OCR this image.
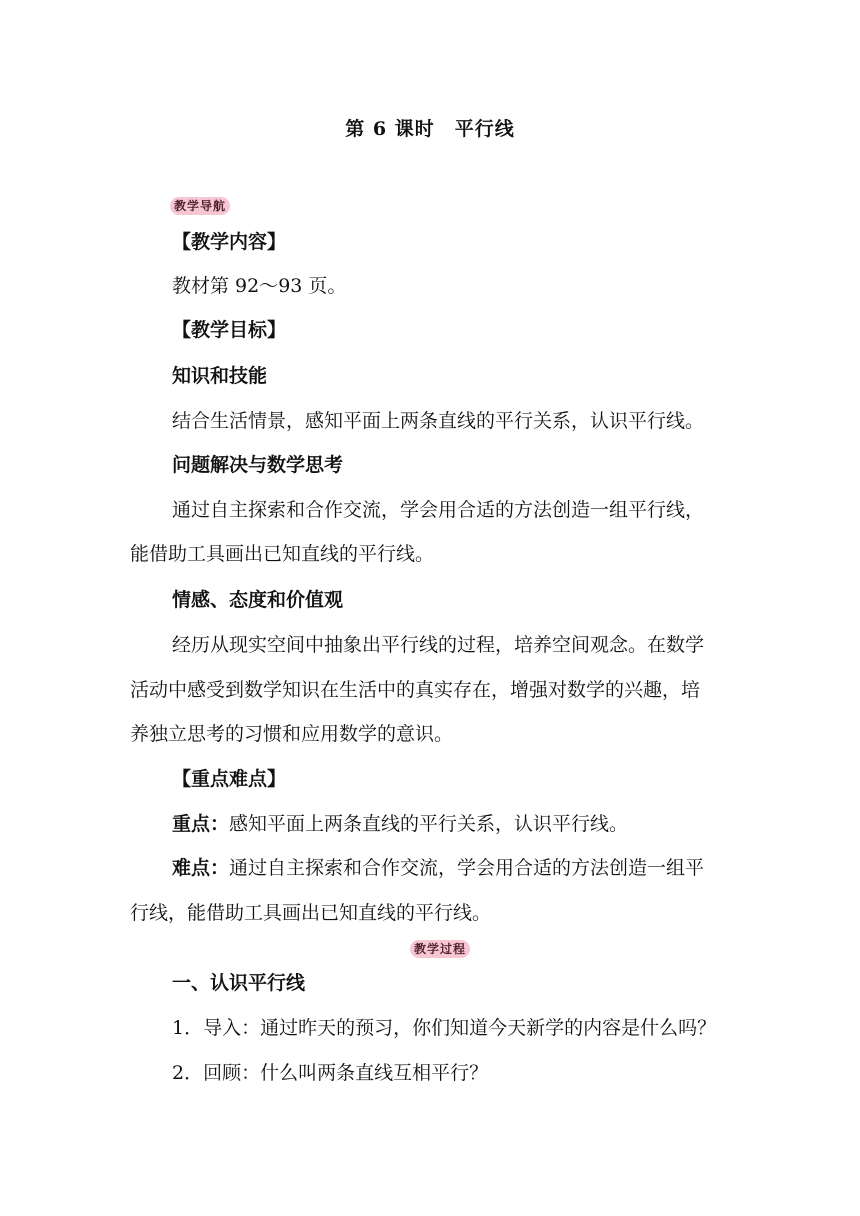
第 6 课时　平行线
教学导航
【教学内容】
教材第 92～93 页。
【教学目标】
知识和技能
结合生活情景，感知平面上两条直线的平行关系，认识平行线。
问题解决与数学思考
通过自主探索和合作交流，学会用合适的方法创造一组平行线，
能借助工具画出已知直线的平行线。
情感、态度和价值观
经历从现实空间中抽象出平行线的过程，培养空间观念。在数学
活动中感受到数学知识在生活中的真实存在，增强对数学的兴趣，培
养独立思考的习惯和应用数学的意识。
【重点难点】
重点：感知平面上两条直线的平行关系，认识平行线。
难点：通过自主探索和合作交流，学会用合适的方法创造一组平
行线，能借助工具画出已知直线的平行线。
教学过程
一、认识平行线
1．导入：通过昨天的预习，你们知道今天新学的内容是什么吗？
2．回顾：什么叫两条直线互相平行？
